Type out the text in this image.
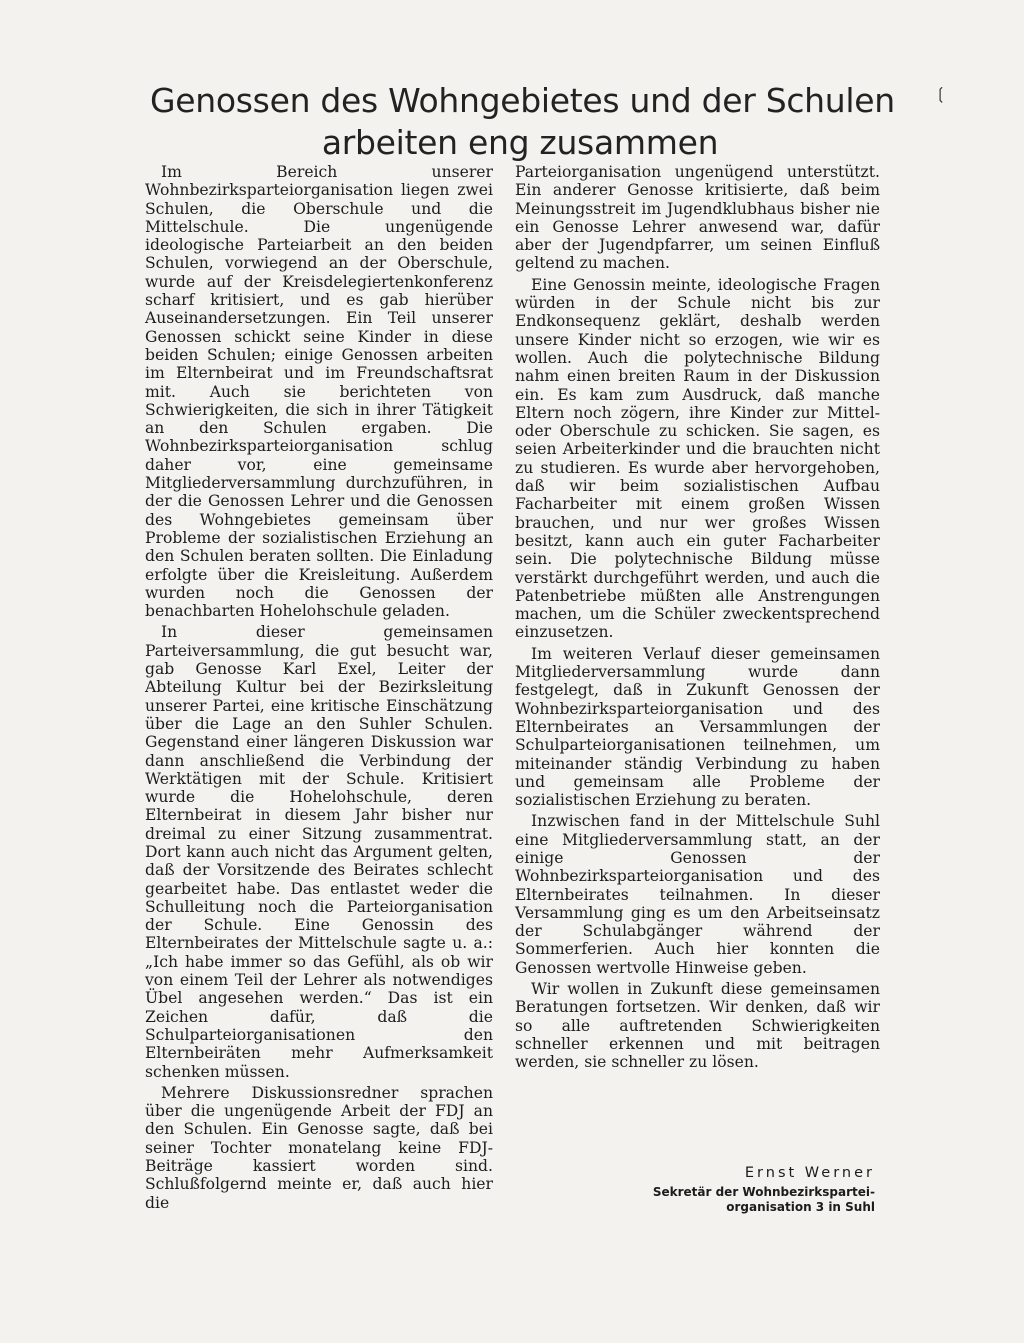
❲
Genossen des Wohngebietes und der Schulen
arbeiten eng zusammen

Im Bereich unserer Wohnbezirksparteiorganisation liegen zwei Schulen, die Oberschule und die Mittelschule. Die ungenügende ideologische Parteiarbeit an den beiden Schulen, vorwiegend an der Oberschule, wurde auf der Kreisdelegiertenkonferenz scharf kritisiert, und es gab hierüber Auseinandersetzungen. Ein Teil unserer Genossen schickt seine Kinder in diese beiden Schulen; einige Genossen arbeiten im Elternbeirat und im Freundschaftsrat mit. Auch sie berichteten von Schwierigkeiten, die sich in ihrer Tätigkeit an den Schulen ergaben. Die Wohnbezirksparteiorganisation schlug daher vor, eine gemeinsame Mitgliederversammlung durchzuführen, in der die Genossen Lehrer und die Genossen des Wohngebietes gemeinsam über Probleme der sozialistischen Erziehung an den Schulen beraten sollten. Die Einladung erfolgte über die Kreisleitung. Außerdem wurden noch die Genossen der benachbarten Hohelohschule geladen.

In dieser gemeinsamen Parteiversammlung, die gut besucht war, gab Genosse Karl Exel, Leiter der Abteilung Kultur bei der Bezirksleitung unserer Partei, eine kritische Einschätzung über die Lage an den Suhler Schulen. Gegenstand einer längeren Diskussion war dann anschließend die Verbindung der Werktätigen mit der Schule. Kritisiert wurde die Hohelohschule, deren Elternbeirat in diesem Jahr bisher nur dreimal zu einer Sitzung zusammentrat. Dort kann auch nicht das Argument gelten, daß der Vorsitzende des Beirates schlecht gearbeitet habe. Das entlastet weder die Schulleitung noch die Parteiorganisation der Schule. Eine Genossin des Elternbeirates der Mittelschule sagte u. a.: „Ich habe immer so das Gefühl, als ob wir von einem Teil der Lehrer als notwendiges Übel angesehen werden.“ Das ist ein Zeichen dafür, daß die Schulparteiorganisationen den Elternbeiräten mehr Aufmerksamkeit schenken müssen.

Mehrere Diskussionsredner sprachen über die ungenügende Arbeit der FDJ an den Schulen. Ein Genosse sagte, daß bei seiner Tochter monatelang keine FDJ-Beiträge kassiert worden sind. Schlußfolgernd meinte er, daß auch hier die

Parteiorganisation ungenügend unterstützt. Ein anderer Genosse kritisierte, daß beim Meinungsstreit im Jugendklubhaus bisher nie ein Genosse Lehrer anwesend war, dafür aber der Jugendpfarrer, um seinen Einfluß geltend zu machen.

Eine Genossin meinte, ideologische Fragen würden in der Schule nicht bis zur Endkonsequenz geklärt, deshalb werden unsere Kinder nicht so erzogen, wie wir es wollen. Auch die polytechnische Bildung nahm einen breiten Raum in der Diskussion ein. Es kam zum Ausdruck, daß manche Eltern noch zögern, ihre Kinder zur Mittel- oder Oberschule zu schicken. Sie sagen, es seien Arbeiterkinder und die brauchten nicht zu studieren. Es wurde aber hervorgehoben, daß wir beim sozialistischen Aufbau Facharbeiter mit einem großen Wissen brauchen, und nur wer großes Wissen besitzt, kann auch ein guter Facharbeiter sein. Die polytechnische Bildung müsse verstärkt durchgeführt werden, und auch die Patenbetriebe müßten alle Anstrengungen machen, um die Schüler zweckentsprechend einzusetzen.

Im weiteren Verlauf dieser gemeinsamen Mitgliederversammlung wurde dann festgelegt, daß in Zukunft Genossen der Wohnbezirksparteiorganisation und des Elternbeirates an Versammlungen der Schulparteiorganisationen teilnehmen, um miteinander ständig Verbindung zu haben und gemeinsam alle Probleme der sozialistischen Erziehung zu beraten.

Inzwischen fand in der Mittelschule Suhl eine Mitgliederversammlung statt, an der einige Genossen der Wohnbezirksparteiorganisation und des Elternbeirates teilnahmen. In dieser Versammlung ging es um den Arbeitseinsatz der Schulabgänger während der Sommerferien. Auch hier konnten die Genossen wertvolle Hinweise geben.

Wir wollen in Zukunft diese gemeinsamen Beratungen fortsetzen. Wir denken, daß wir so alle auftretenden Schwierigkeiten schneller erkennen und mit beitragen werden, sie schneller zu lösen.

Ernst Werner
Sekretär der Wohnbezirkspartei-
organisation 3 in Suhl
